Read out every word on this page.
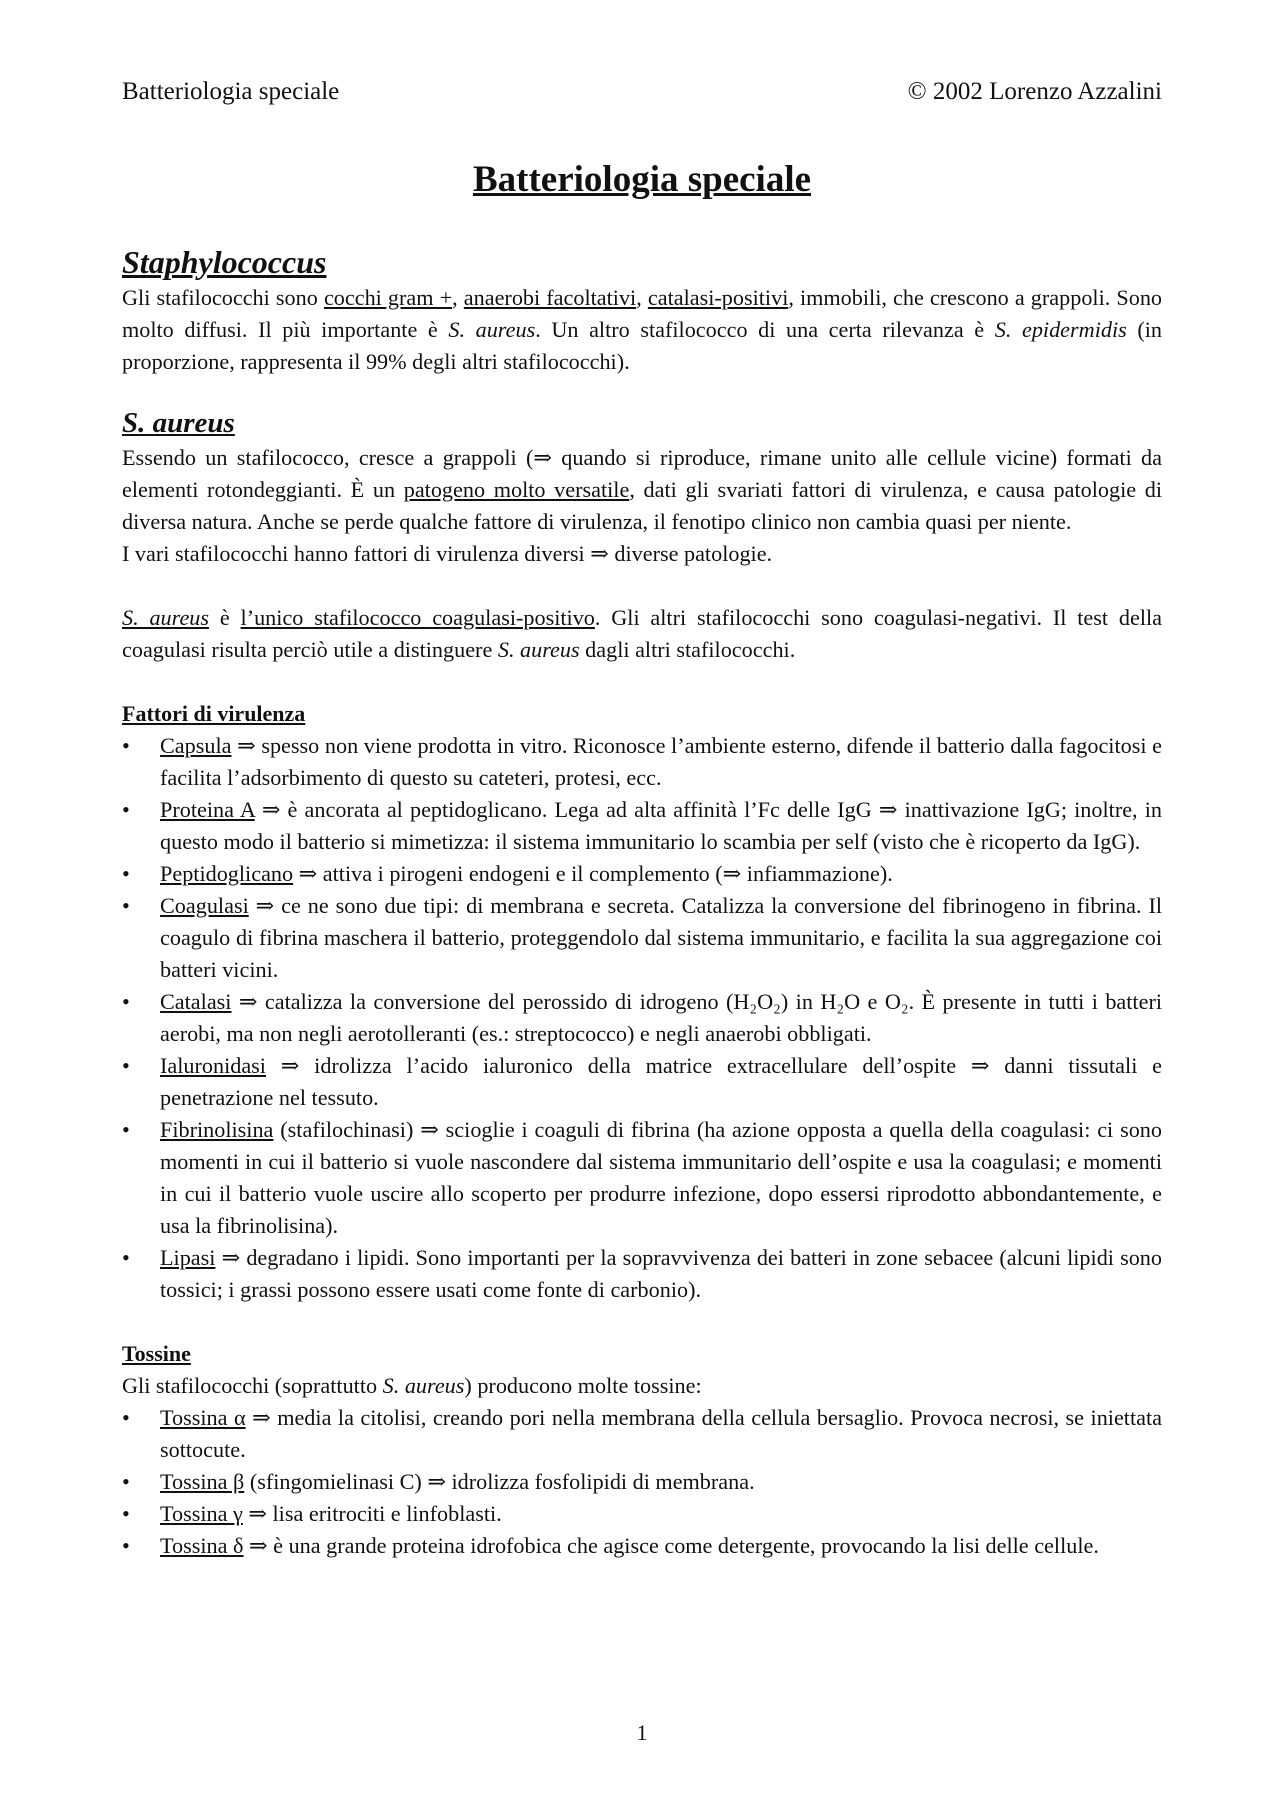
Batteriologia speciale	© 2002 Lorenzo Azzalini
Batteriologia speciale
Staphylococcus

Gli stafilococchi sono cocchi gram +, anaerobi facoltativi, catalasi-positivi, immobili, che crescono a grappoli. Sono molto diffusi. Il più importante è S. aureus. Un altro stafilococco di una certa rilevanza è S. epidermidis (in proporzione, rappresenta il 99% degli altri stafilococchi).

S. aureus

Essendo un stafilococco, cresce a grappoli (⇒ quando si riproduce, rimane unito alle cellule vicine) formati da elementi rotondeggianti. È un patogeno molto versatile, dati gli svariati fattori di virulenza, e causa patologie di diversa natura. Anche se perde qualche fattore di virulenza, il fenotipo clinico non cambia quasi per niente.

I vari stafilococchi hanno fattori di virulenza diversi ⇒ diverse patologie.

S. aureus è l’unico stafilococco coagulasi-positivo. Gli altri stafilococchi sono coagulasi-negativi. Il test della coagulasi risulta perciò utile a distinguere S. aureus dagli altri stafilococchi.

Fattori di virulenza
• Capsula ⇒ spesso non viene prodotta in vitro. Riconosce l’ambiente esterno, difende il batterio dalla fagocitosi e facilita l’adsorbimento di questo su cateteri, protesi, ecc.
• Proteina A ⇒ è ancorata al peptidoglicano. Lega ad alta affinità l’Fc delle IgG ⇒ inattivazione IgG; inoltre, in questo modo il batterio si mimetizza: il sistema immunitario lo scambia per self (visto che è ricoperto da IgG).
• Peptidoglicano ⇒ attiva i pirogeni endogeni e il complemento (⇒ infiammazione).
• Coagulasi ⇒ ce ne sono due tipi: di membrana e secreta. Catalizza la conversione del fibrinogeno in fibrina. Il coagulo di fibrina maschera il batterio, proteggendolo dal sistema immunitario, e facilita la sua aggregazione coi batteri vicini.
• Catalasi ⇒ catalizza la conversione del perossido di idrogeno (H₂O₂) in H₂O e O₂. È presente in tutti i batteri aerobi, ma non negli aerotolleranti (es.: streptococco) e negli anaerobi obbligati.
• Ialuronidasi ⇒ idrolizza l’acido ialuronico della matrice extracellulare dell’ospite ⇒ danni tissutali e penetrazione nel tessuto.
• Fibrinolisina (stafilochinasi) ⇒ scioglie i coaguli di fibrina (ha azione opposta a quella della coagulasi: ci sono momenti in cui il batterio si vuole nascondere dal sistema immunitario dell’ospite e usa la coagulasi; e momenti in cui il batterio vuole uscire allo scoperto per produrre infezione, dopo essersi riprodotto abbondantemente, e usa la fibrinolisina).
• Lipasi ⇒ degradano i lipidi. Sono importanti per la sopravvivenza dei batteri in zone sebacee (alcuni lipidi sono tossici; i grassi possono essere usati come fonte di carbonio).
Tossine

Gli stafilococchi (soprattutto S. aureus) producono molte tossine:

• Tossina α ⇒ media la citolisi, creando pori nella membrana della cellula bersaglio. Provoca necrosi, se iniettata sottocute.
• Tossina β (sfingomielinasi C) ⇒ idrolizza fosfolipidi di membrana.
• Tossina γ ⇒ lisa eritrociti e linfoblasti.
• Tossina δ ⇒ è una grande proteina idrofobica che agisce come detergente, provocando la lisi delle cellule.
1
